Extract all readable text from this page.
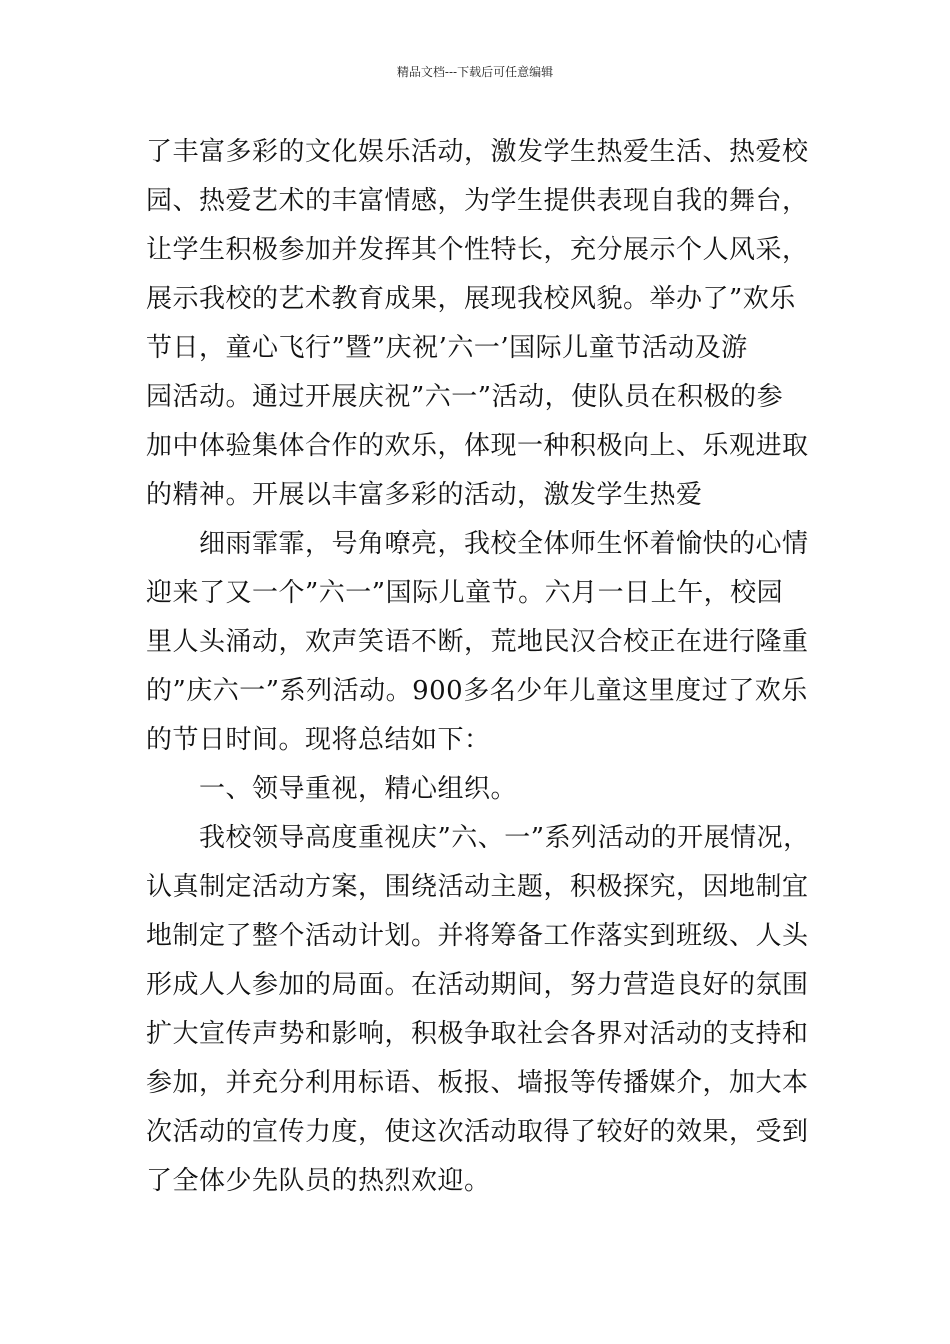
精品文档---下载后可任意编辑
了丰富多彩的文化娱乐活动，激发学生热爱生活、热爱校
园、热爱艺术的丰富情感，为学生提供表现自我的舞台，
让学生积极参加并发挥其个性特长，充分展示个人风采，
展示我校的艺术教育成果，展现我校风貌。举办了”欢乐
节日，童心飞行”暨”庆祝’六一’国际儿童节活动及游
园活动。通过开展庆祝”六一”活动，使队员在积极的参
加中体验集体合作的欢乐，体现一种积极向上、乐观进取
的精神。开展以丰富多彩的活动，激发学生热爱
　　细雨霏霏，号角嘹亮，我校全体师生怀着愉快的心情
迎来了又一个”六一”国际儿童节。六月一日上午，校园
里人头涌动，欢声笑语不断，荒地民汉合校正在进行隆重
的”庆六一”系列活动。900多名少年儿童这里度过了欢乐
的节日时间。现将总结如下：
　　一、领导重视，精心组织。
　　我校领导高度重视庆”六、一”系列活动的开展情况，
认真制定活动方案，围绕活动主题，积极探究，因地制宜
地制定了整个活动计划。并将筹备工作落实到班级、人头
形成人人参加的局面。在活动期间，努力营造良好的氛围
扩大宣传声势和影响，积极争取社会各界对活动的支持和
参加，并充分利用标语、板报、墙报等传播媒介，加大本
次活动的宣传力度，使这次活动取得了较好的效果，受到
了全体少先队员的热烈欢迎。
